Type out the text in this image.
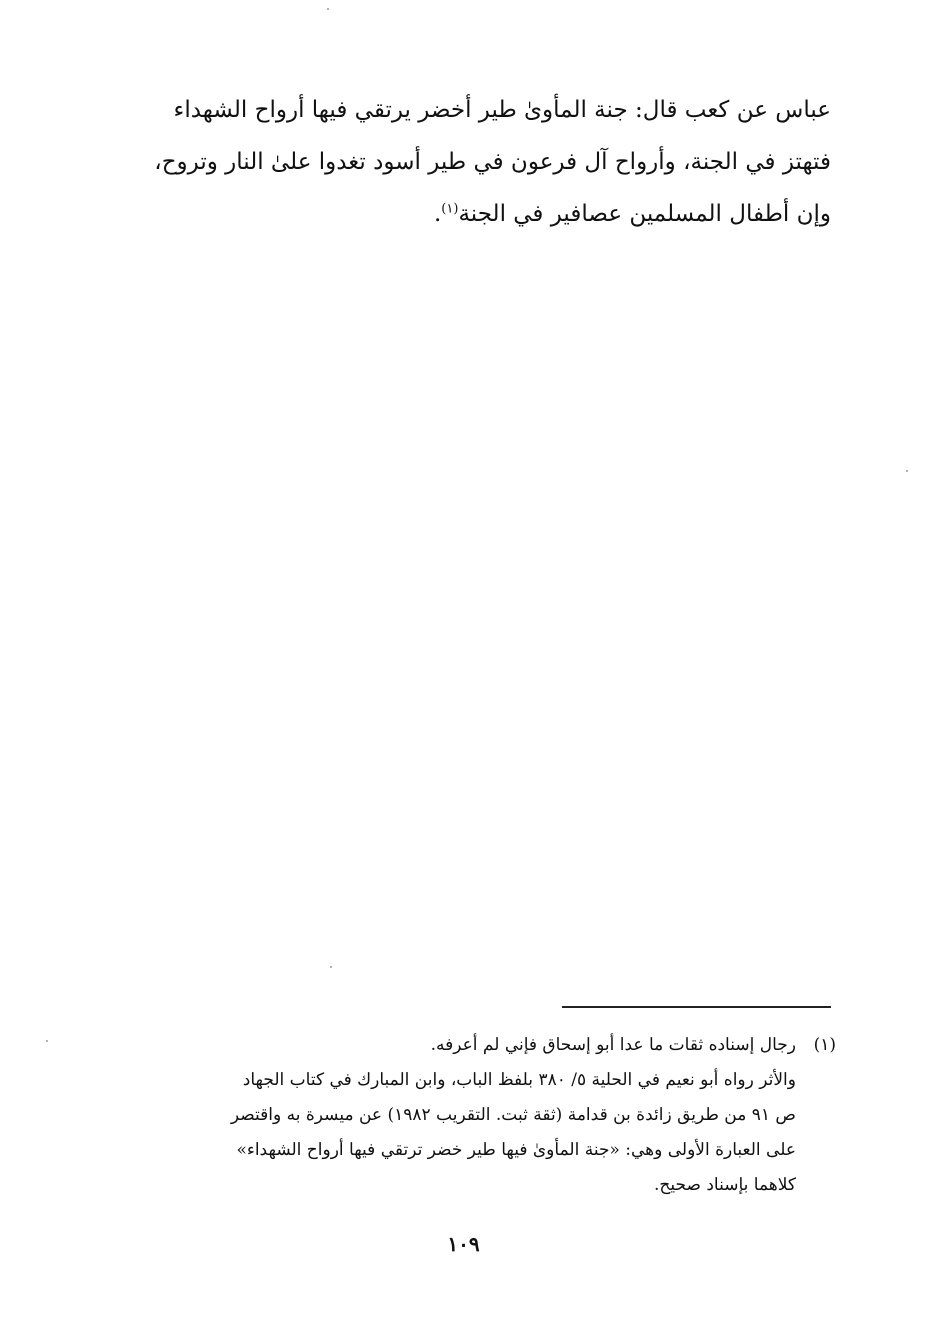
عباس عن كعب قال: جنة المأوىٰ طير أخضر يرتقي فيها أرواح الشهداء

فتهتز في الجنة، وأرواح آل فرعون في طير أسود تغدوا علىٰ النار وتروح،

وإن أطفال المسلمين عصافير في الجنة$^{(١)}$.

(١)

رجال إسناده ثقات ما عدا أبو إسحاق فإني لم أعرفه.

والأثر رواه أبو نعيم في الحلية ٥/ ٣٨٠ بلفظ الباب، وابن المبارك في كتاب الجهاد

ص ٩١ من طريق زائدة بن قدامة (ثقة ثبت. التقريب ١٩٨٢) عن ميسرة به واقتصر

على العبارة الأولى وهي: «جنة المأوىٰ فيها طير خضر ترتقي فيها أرواح الشهداء»

كلاهما بإسناد صحيح.

١٠٩
